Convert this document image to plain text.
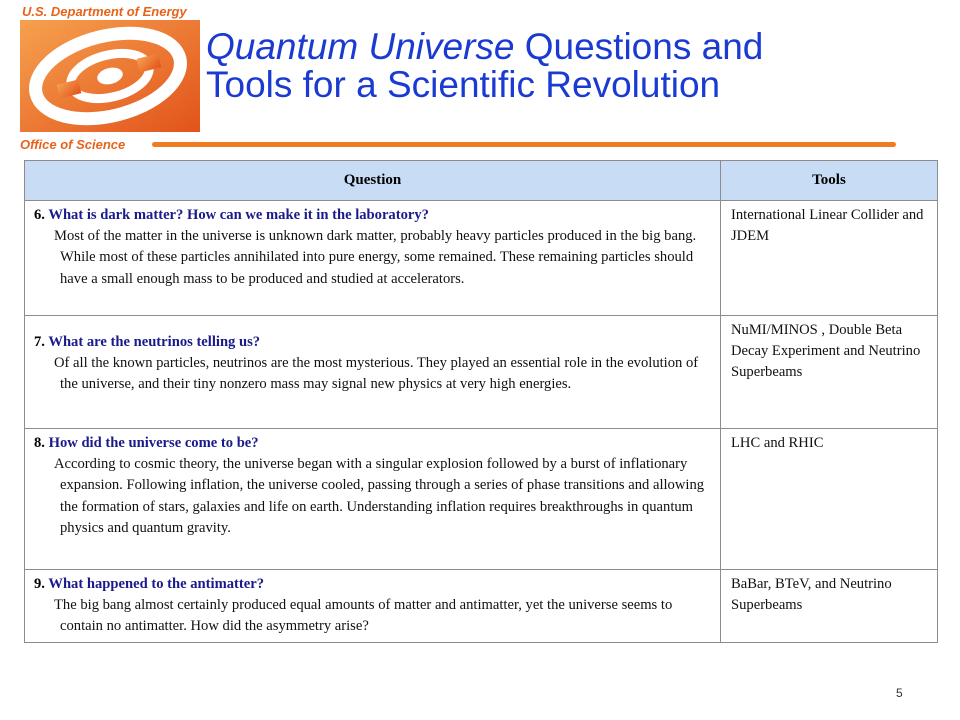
U.S. Department of Energy
Office of Science
Quantum Universe Questions and
Tools for a Scientific Revolution
Question	Tools

6. What is dark matter? How can we make it in the laboratory?
Most of the matter in the universe is unknown dark matter, probably heavy particles produced in the big bang. While most of these particles annihilated into pure energy, some remained. These remaining particles should have a small enough mass to be produced and studied at accelerators.	International Linear Collider and JDEM

7. What are the neutrinos telling us?
Of all the known particles, neutrinos are the most mysterious. They played an essential role in the evolution of the universe, and their tiny nonzero mass may signal new physics at very high energies.	NuMI/MINOS , Double Beta Decay Experiment and Neutrino Superbeams

8. How did the universe come to be?
According to cosmic theory, the universe began with a singular explosion followed by a burst of inflationary expansion. Following inflation, the universe cooled, passing through a series of phase transitions and allowing the formation of stars, galaxies and life on earth. Understanding inflation requires breakthroughs in quantum physics and quantum gravity.	LHC and RHIC

9. What happened to the antimatter?
The big bang almost certainly produced equal amounts of matter and antimatter, yet the universe seems to contain no antimatter. How did the asymmetry arise?	BaBar, BTeV, and Neutrino Superbeams
5
